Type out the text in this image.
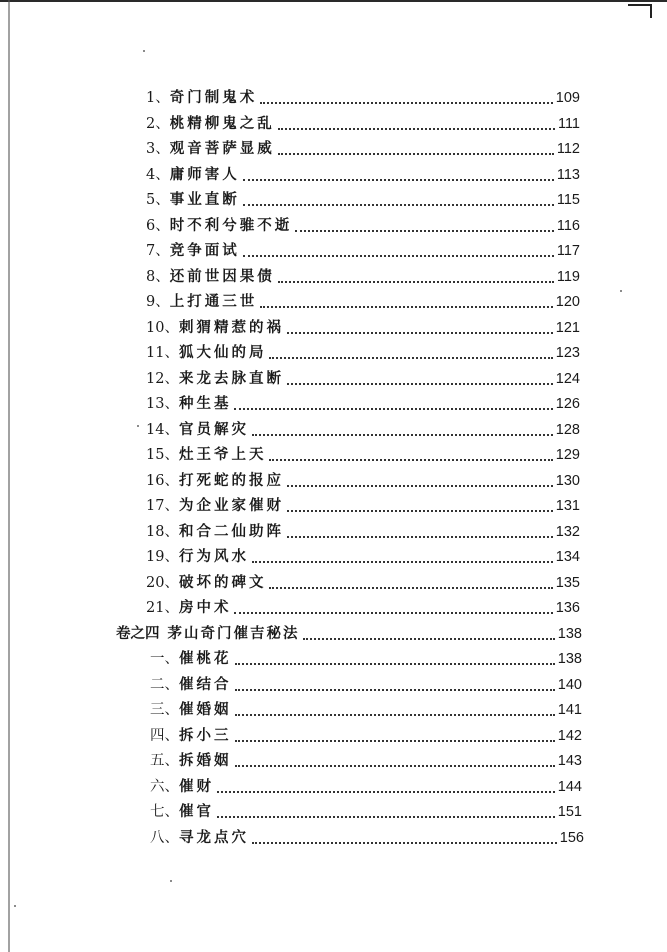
1、 奇门制鬼术	109
2、 桃精柳鬼之乱	111
3、 观音菩萨显威	112
4、 庸师害人	113
5、 事业直断	115
6、 时不利兮骓不逝	116
7、 竞争面试	117
8、 还前世因果债	119
9、 上打通三世	120
10、 刺猬精惹的祸	121
11、 狐大仙的局	123
12、 来龙去脉直断	124
13、 种生基	126
14、 官员解灾	128
15、 灶王爷上天	129
16、 打死蛇的报应	130
17、 为企业家催财	131
18、 和合二仙助阵	132
19、 行为风水	134
20、 破坏的碑文	135
21、 房中术	136
卷之四 茅山奇门催吉秘法	138
一、 催桃花	138
二、 催结合	140
三、 催婚姻	141
四、 拆小三	142
五、 拆婚姻	143
六、 催财	144
七、 催官	151
八、 寻龙点穴	156
